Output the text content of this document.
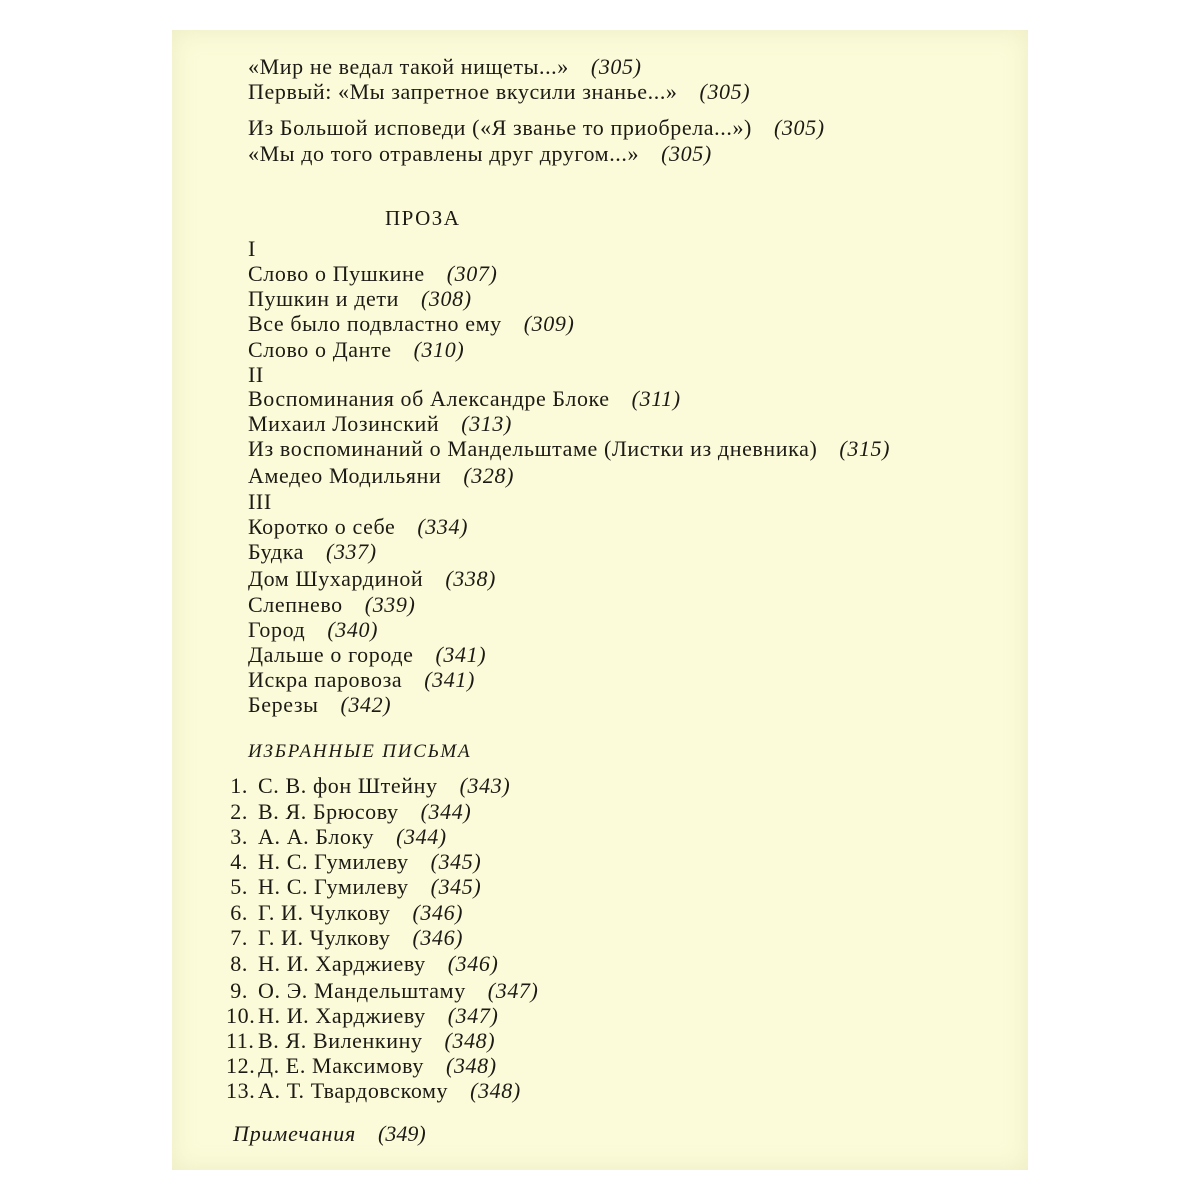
«Мир не ведал такой нищеты...» (305)
Первый: «Мы запретное вкусили знанье...» (305)
Из Большой исповеди («Я званье то приобрела...») (305)
«Мы до того отравлены друг другом...» (305)
ПРОЗА
I
Слово о Пушкине (307)
Пушкин и дети (308)
Все было подвластно ему (309)
Слово о Данте (310)
II
Воспоминания об Александре Блоке (311)
Михаил Лозинский (313)
Из воспоминаний о Мандельштаме (Листки из дневника) (315)
Амедео Модильяни (328)
III
Коротко о себе (334)
Будка (337)
Дом Шухардиной (338)
Слепнево (339)
Город (340)
Дальше о городе (341)
Искра паровоза (341)
Березы (342)
ИЗБРАННЫЕ ПИСЬМА
1. С. В. фон Штейну (343)
2. В. Я. Брюсову (344)
3. А. А. Блоку (344)
4. Н. С. Гумилеву (345)
5. Н. С. Гумилеву (345)
6. Г. И. Чулкову (346)
7. Г. И. Чулкову (346)
8. Н. И. Харджиеву (346)
9. О. Э. Мандельштаму (347)
10. Н. И. Харджиеву (347)
11. В. Я. Виленкину (348)
12. Д. Е. Максимову (348)
13. А. Т. Твардовскому (348)
Примечания (349)
